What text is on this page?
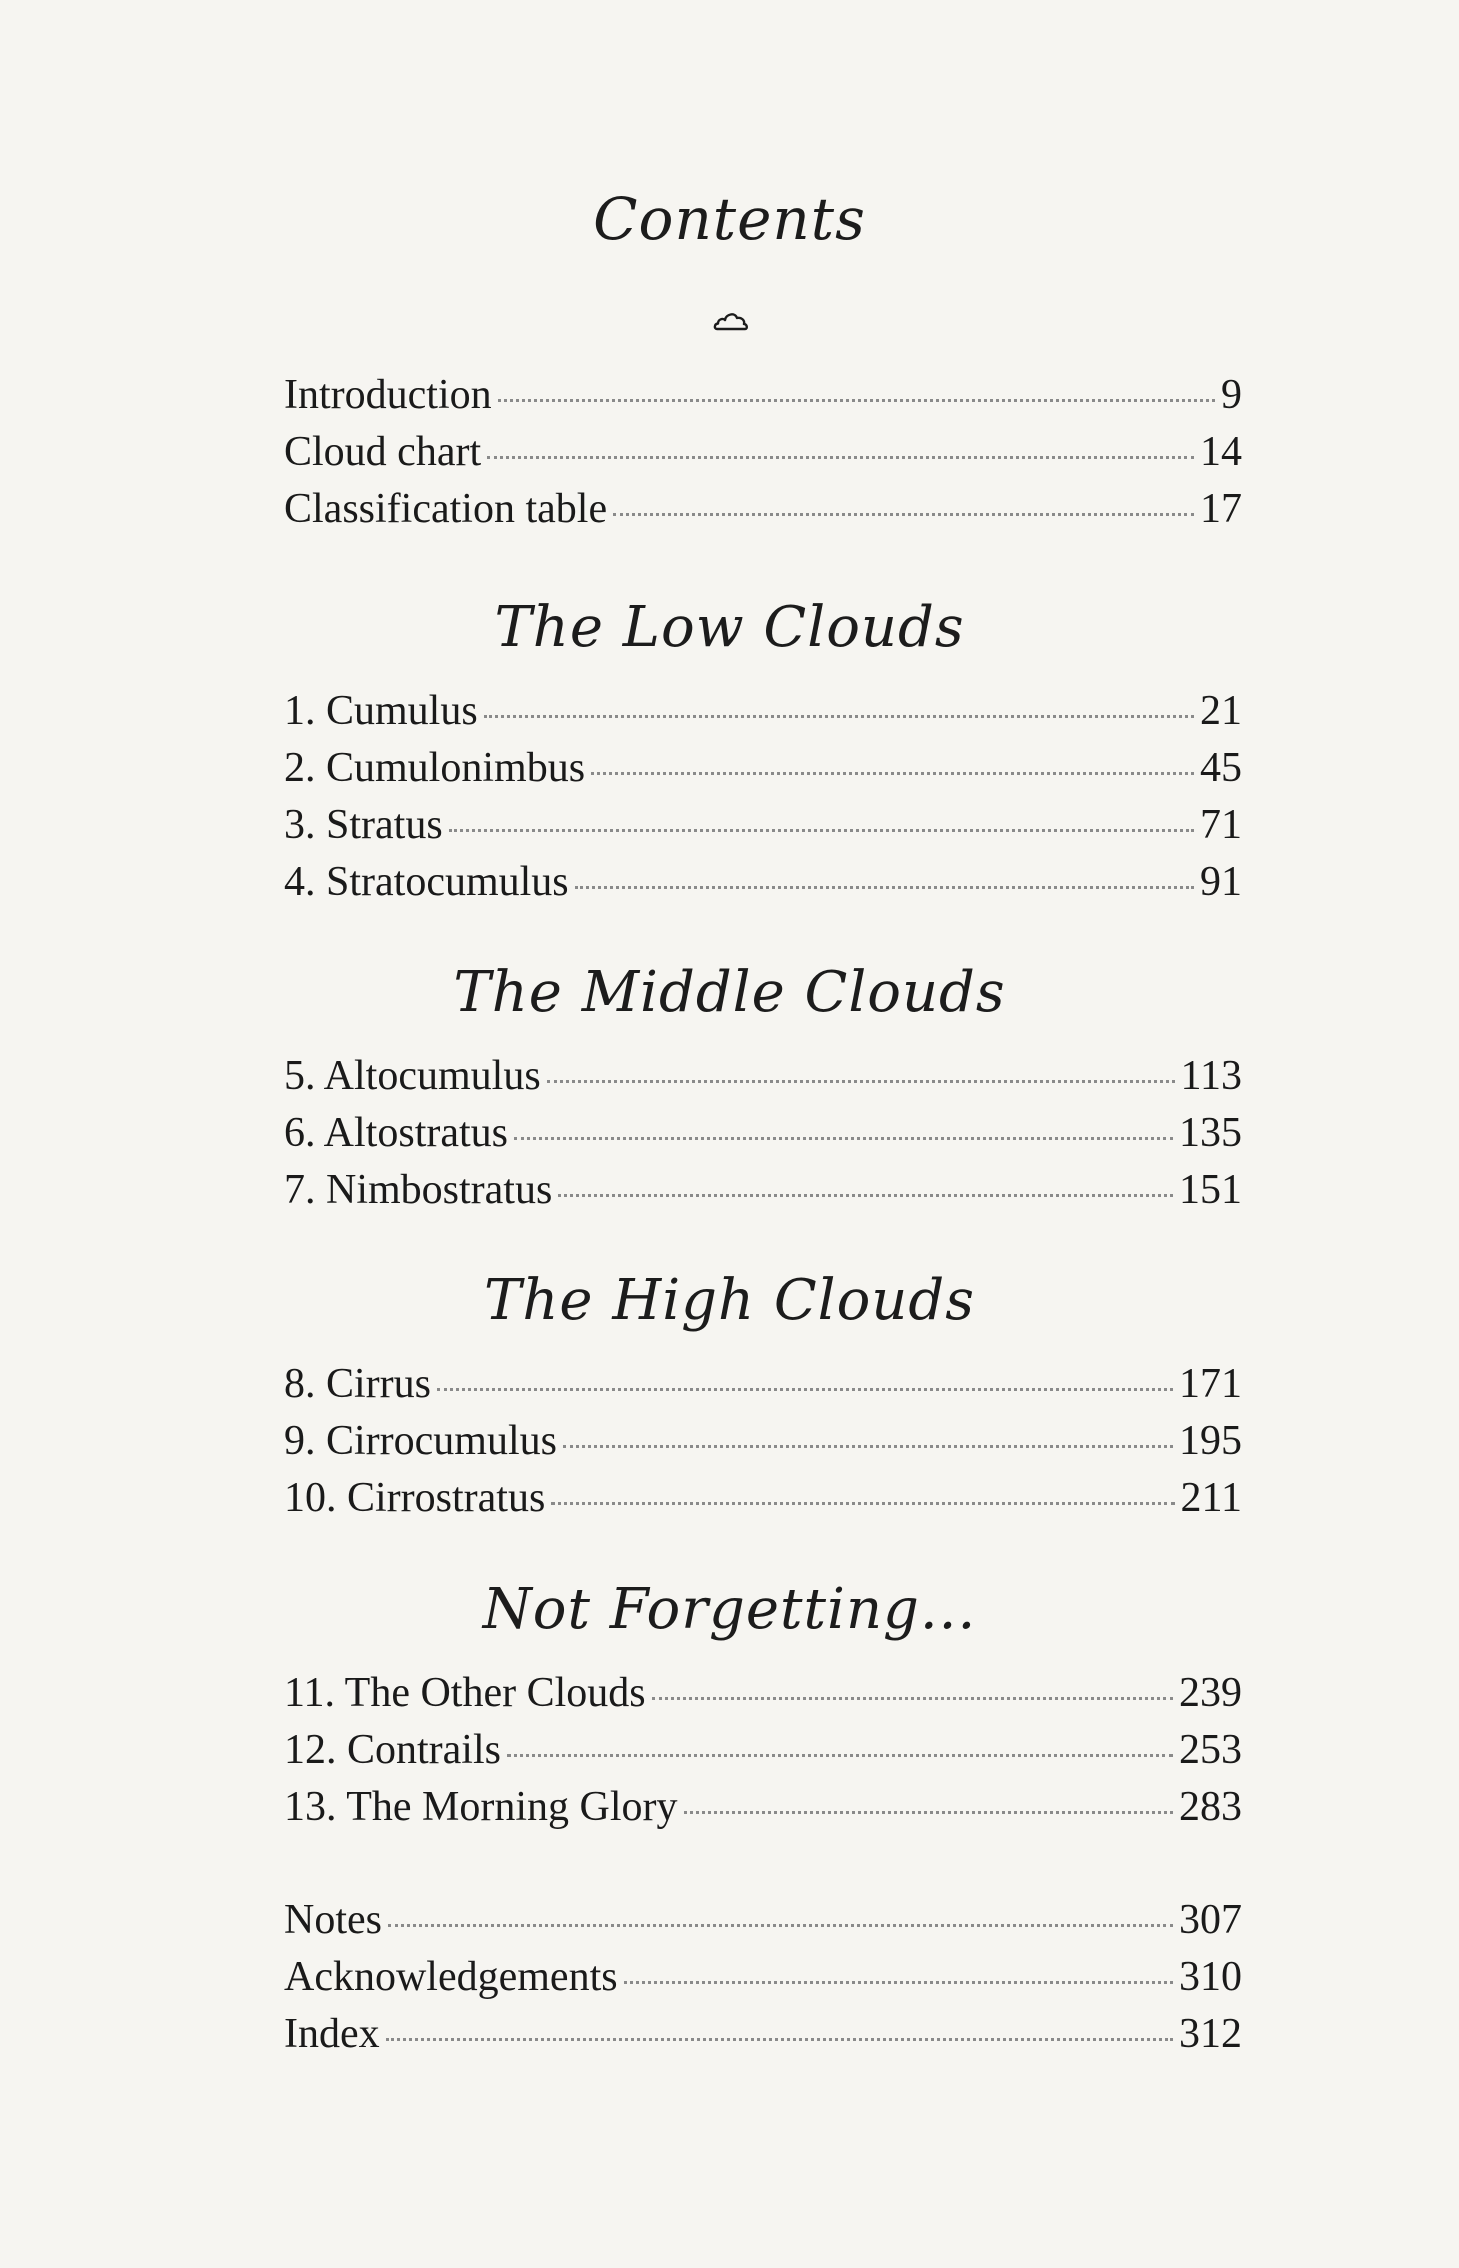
Contents
Introduction	9
Cloud chart	14
Classification table	17
The Low Clouds
1. Cumulus	21
2. Cumulonimbus	45
3. Stratus	71
4. Stratocumulus	91
The Middle Clouds
5. Altocumulus	113
6. Altostratus	135
7. Nimbostratus	151
The High Clouds
8. Cirrus	171
9. Cirrocumulus	195
10. Cirrostratus	211
Not Forgetting...
11. The Other Clouds	239
12. Contrails	253
13. The Morning Glory	283
Notes	307
Acknowledgements	310
Index	312
